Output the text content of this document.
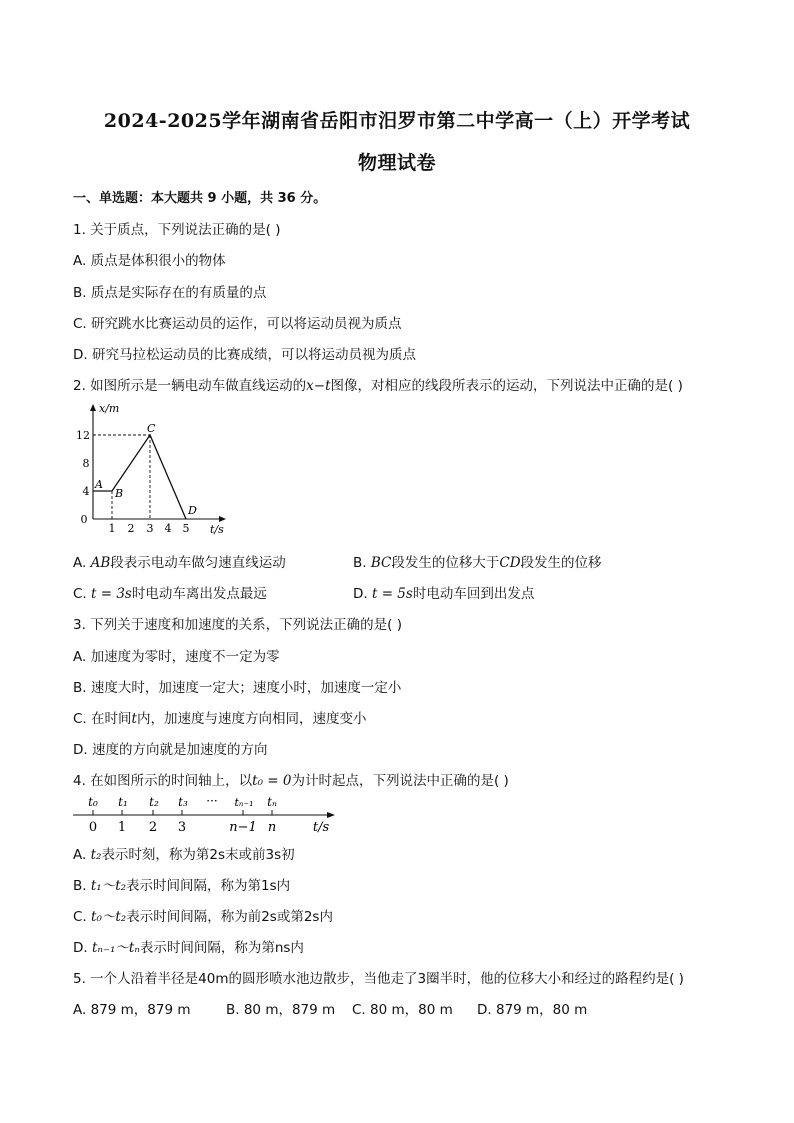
2024-2025学年湖南省岳阳市汨罗市第二中学高一（上）开学考试
物理试卷
一、单选题：本大题共 9 小题，共 36 分。
1. 关于质点，下列说法正确的是( )
A. 质点是体积很小的物体
B. 质点是实际存在的有质量的点
C. 研究跳水比赛运动员的运作，可以将运动员视为质点
D. 研究马拉松运动员的比赛成绩，可以将运动员视为质点
2. 如图所示是一辆电动车做直线运动的x−t图像，对相应的线段所表示的运动，下列说法中正确的是( )
x/m
t/s
0
4
8
12
1 2 3 4 5
A
B
C
D
A. AB段表示电动车做匀速直线运动	B. BC段发生的位移大于CD段发生的位移
C. t = 3s时电动车离出发点最远	D. t = 5s时电动车回到出发点
3. 下列关于速度和加速度的关系，下列说法正确的是( )
A. 加速度为零时，速度不一定为零
B. 速度大时，加速度一定大；速度小时，加速度一定小
C. 在时间t内，加速度与速度方向相同，速度变小
D. 速度的方向就是加速度的方向
4. 在如图所示的时间轴上，以t₀ = 0为计时起点，下列说法中正确的是( )
t₀ t₁ t₂ t₃ ··· tₙ₋₁ tₙ
0 1 2 3	n−1 n	t/s
A. t₂表示时刻，称为第2s末或前3s初
B. t₁～t₂表示时间间隔，称为第1s内
C. t₀～t₂表示时间间隔，称为前2s或第2s内
D. tₙ₋₁～tₙ表示时间间隔，称为第ns内
5. 一个人沿着半径是40m的圆形喷水池边散步，当他走了3圈半时，他的位移大小和经过的路程约是( )
A. 879 m，879 m	B. 80 m，879 m C. 80 m，80 m D. 879 m，80 m
